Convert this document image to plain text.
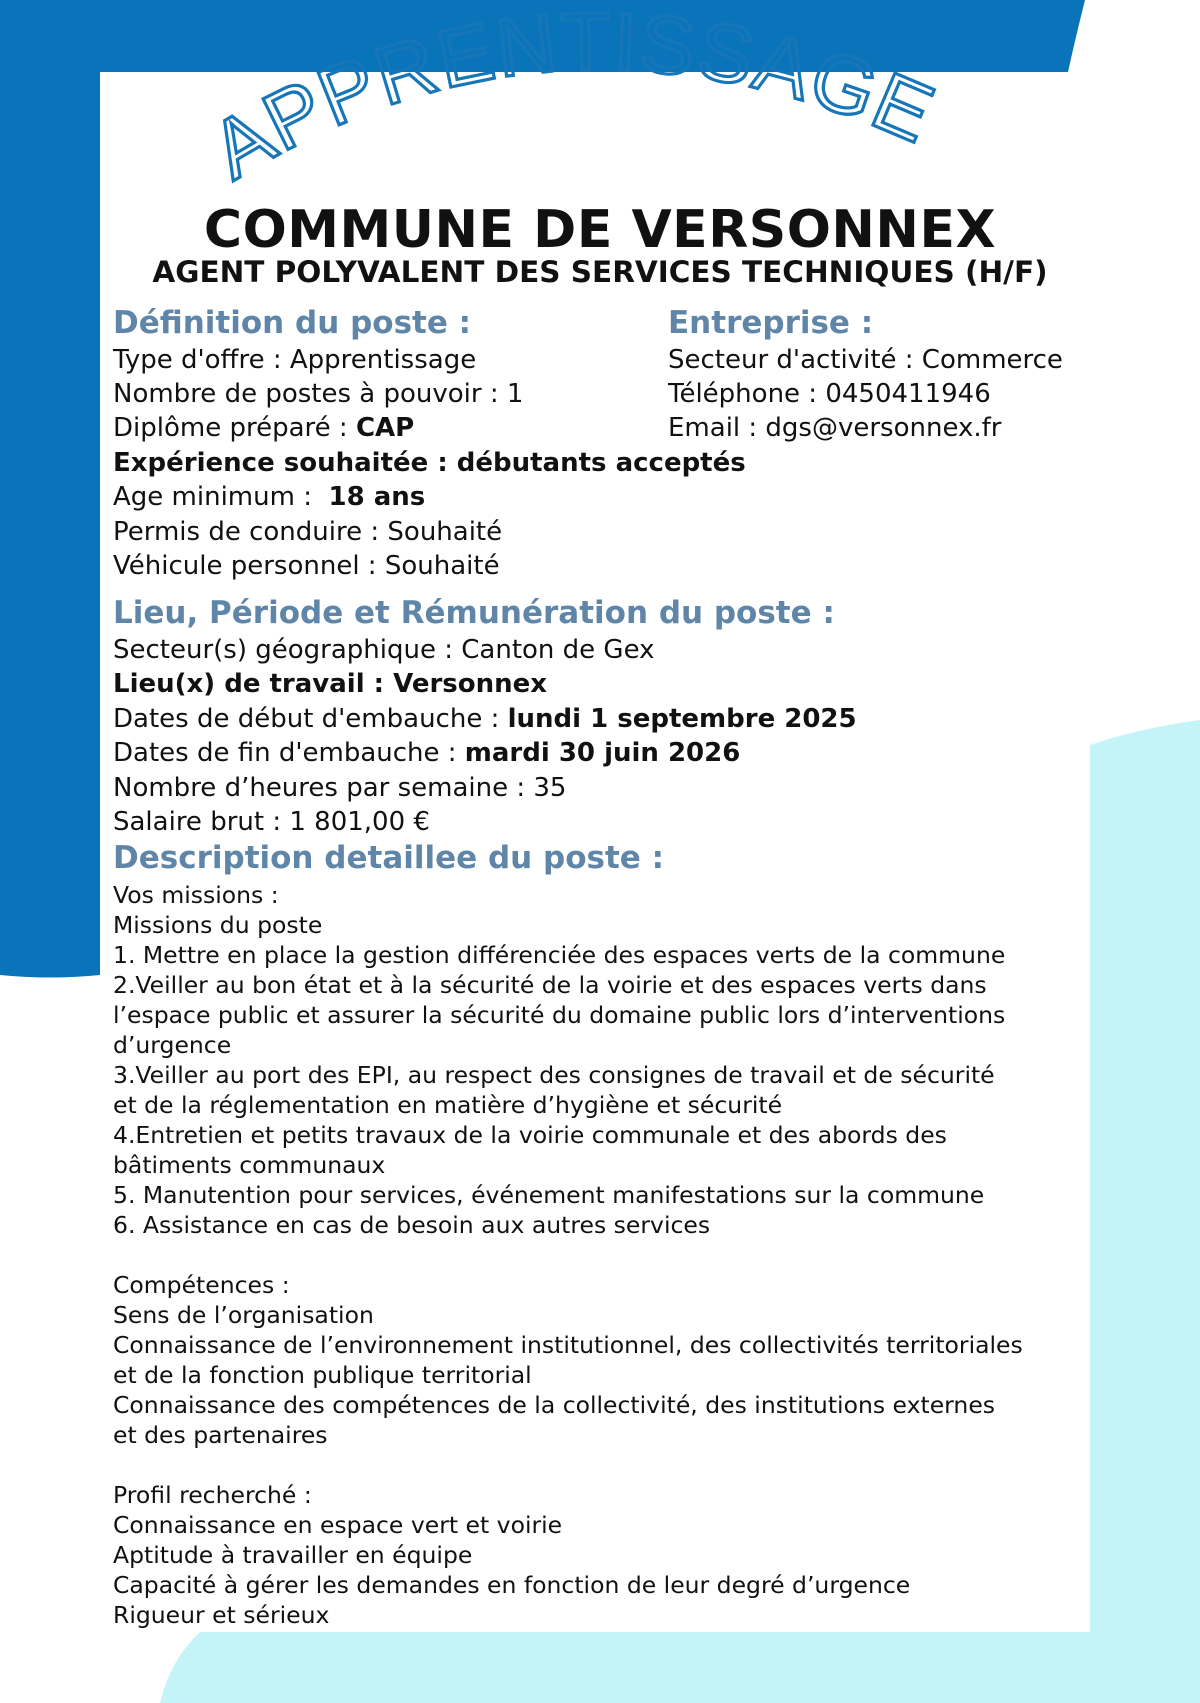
APPRENTISSAGE
COMMUNE DE VERSONNEX
AGENT POLYVALENT DES SERVICES TECHNIQUES (H/F)
Définition du poste :	Entreprise :
Type d'offre : Apprentissage
Nombre de postes à pouvoir : 1
Diplôme préparé : CAP
Expérience souhaitée : débutants acceptés
Age minimum :  18 ans
Permis de conduire : Souhaité
Véhicule personnel : Souhaité
Secteur d'activité : Commerce
Téléphone : 0450411946
Email : dgs@versonnex.fr
Lieu, Période et Rémunération du poste :
Secteur(s) géographique : Canton de Gex
Lieu(x) de travail : Versonnex
Dates de début d'embauche : lundi 1 septembre 2025
Dates de fin d'embauche : mardi 30 juin 2026
Nombre d’heures par semaine : 35
Salaire brut : 1 801,00 €
Description detaillee du poste :
Vos missions :
Missions du poste
1. Mettre en place la gestion différenciée des espaces verts de la commune
2.Veiller au bon état et à la sécurité de la voirie et des espaces verts dans
l’espace public et assurer la sécurité du domaine public lors d’interventions
d’urgence
3.Veiller au port des EPI, au respect des consignes de travail et de sécurité
et de la réglementation en matière d’hygiène et sécurité
4.Entretien et petits travaux de la voirie communale et des abords des
bâtiments communaux
5. Manutention pour services, événement manifestations sur la commune
6. Assistance en cas de besoin aux autres services
Compétences :
Sens de l’organisation
Connaissance de l’environnement institutionnel, des collectivités territoriales
et de la fonction publique territorial
Connaissance des compétences de la collectivité, des institutions externes
et des partenaires
Profil recherché :
Connaissance en espace vert et voirie
Aptitude à travailler en équipe
Capacité à gérer les demandes en fonction de leur degré d’urgence
Rigueur et sérieux
